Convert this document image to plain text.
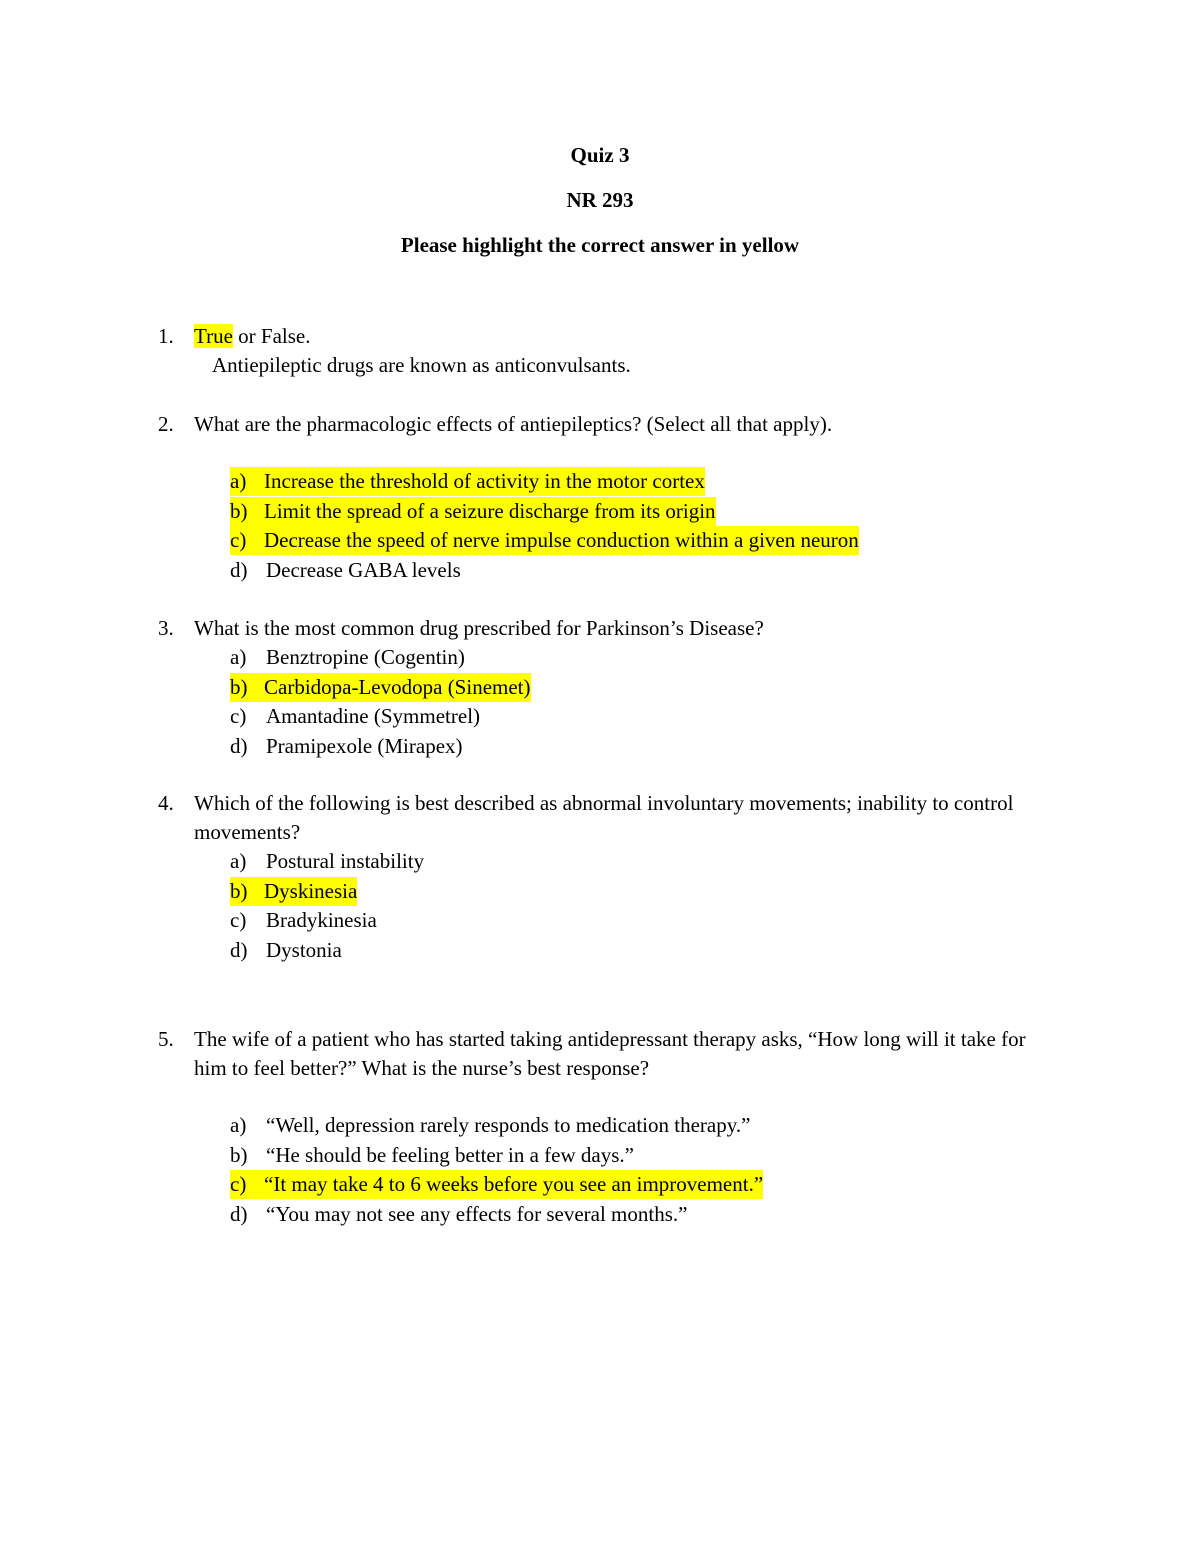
Quiz 3
NR 293
Please highlight the correct answer in yellow
1. True or False.
Antiepileptic drugs are known as anticonvulsants.
2. What are the pharmacologic effects of antiepileptics? (Select all that apply).
a) Increase the threshold of activity in the motor cortex
b) Limit the spread of a seizure discharge from its origin
c) Decrease the speed of nerve impulse conduction within a given neuron
d) Decrease GABA levels
3. What is the most common drug prescribed for Parkinson’s Disease?
a) Benztropine (Cogentin)
b) Carbidopa-Levodopa (Sinemet)
c) Amantadine (Symmetrel)
d) Pramipexole (Mirapex)
4. Which of the following is best described as abnormal involuntary movements; inability to control movements?
a) Postural instability
b) Dyskinesia
c) Bradykinesia
d) Dystonia
5. The wife of a patient who has started taking antidepressant therapy asks, “How long will it take for him to feel better?” What is the nurse’s best response?
a) “Well, depression rarely responds to medication therapy.”
b) “He should be feeling better in a few days.”
c) “It may take 4 to 6 weeks before you see an improvement.”
d) “You may not see any effects for several months.”
